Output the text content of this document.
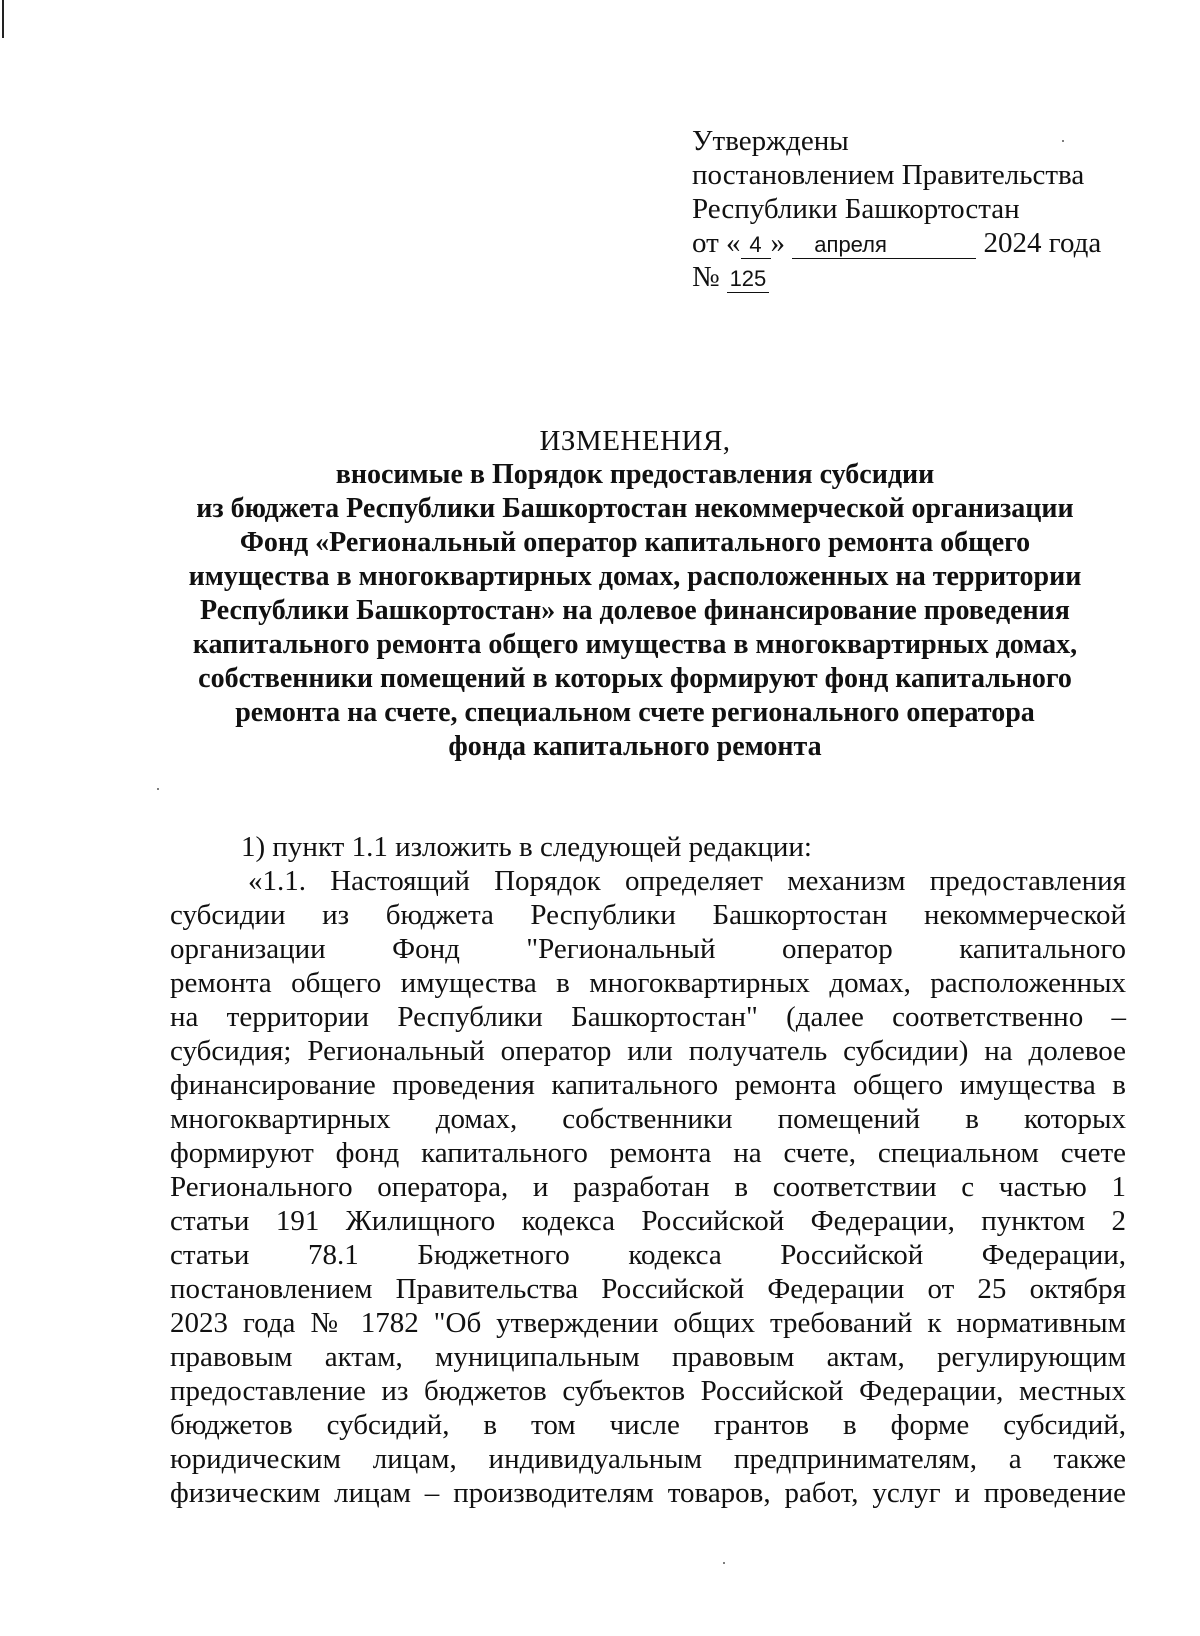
Утверждены
постановлением Правительства
Республики Башкортостан
от « 4 » апреля	2024 года
№ 125
ИЗМЕНЕНИЯ,
вносимые в Порядок предоставления субсидии
из бюджета Республики Башкортостан некоммерческой организации
Фонд «Региональный оператор капитального ремонта общего
имущества в многоквартирных домах, расположенных на территории
Республики Башкортостан» на долевое финансирование проведения
капитального ремонта общего имущества в многоквартирных домах,
собственники помещений в которых формируют фонд капитального
ремонта на счете, специальном счете регионального оператора
фонда капитального ремонта
1) пункт 1.1 изложить в следующей редакции:
«1.1. Настоящий Порядок определяет механизм предоставления
субсидии из бюджета Республики Башкортостан некоммерческой
организации Фонд "Региональный оператор капитального
ремонта общего имущества в многоквартирных домах, расположенных
на территории Республики Башкортостан" (далее соответственно –
субсидия; Региональный оператор или получатель субсидии) на долевое
финансирование проведения капитального ремонта общего имущества в
многоквартирных домах, собственники помещений в которых
формируют фонд капитального ремонта на счете, специальном счете
Регионального оператора, и разработан в соответствии с частью 1
статьи 191 Жилищного кодекса Российской Федерации, пунктом 2
статьи 78.1 Бюджетного кодекса Российской Федерации,
постановлением Правительства Российской Федерации от 25 октября
2023 года № 1782 "Об утверждении общих требований к нормативным
правовым актам, муниципальным правовым актам, регулирующим
предоставление из бюджетов субъектов Российской Федерации, местных
бюджетов субсидий, в том числе грантов в форме субсидий,
юридическим лицам, индивидуальным предпринимателям, а также
физическим лицам – производителям товаров, работ, услуг и проведение
